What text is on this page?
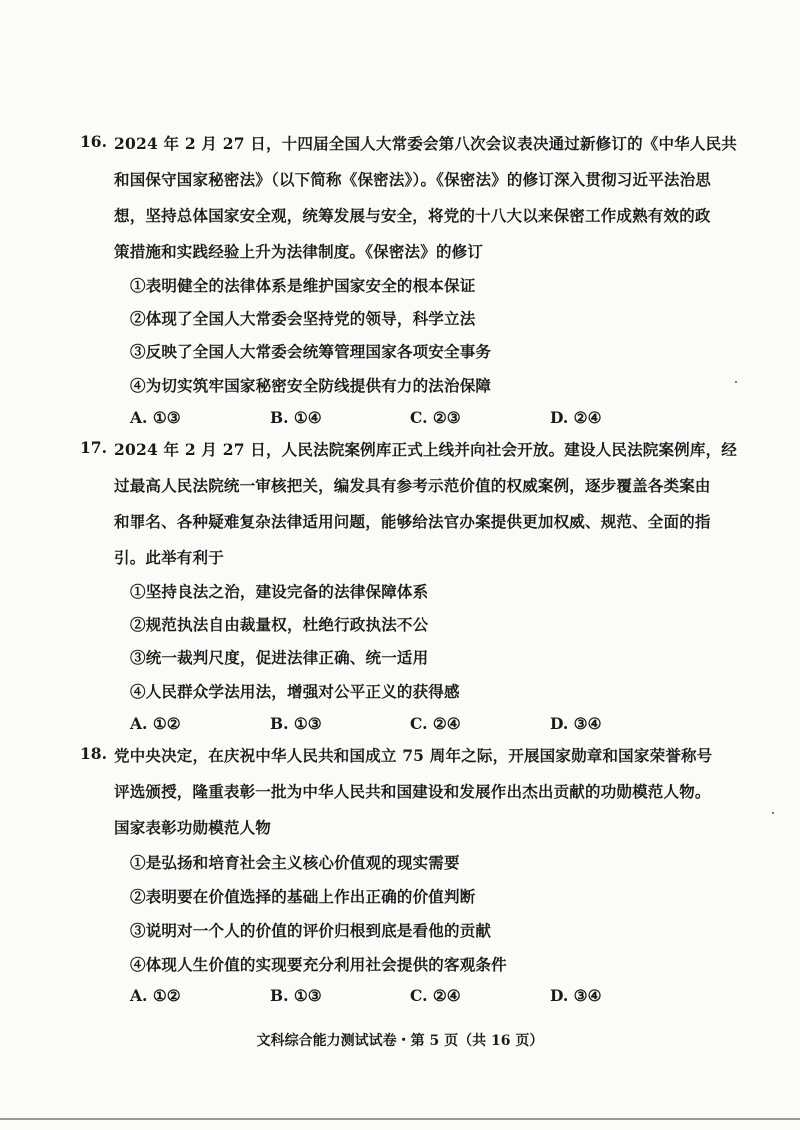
16. 2024 年 2 月 27 日，十四届全国人大常委会第八次会议表决通过新修订的《中华人民共
和国保守国家秘密法》（以下简称《保密法》）。《保密法》的修订深入贯彻习近平法治思
想，坚持总体国家安全观，统筹发展与安全，将党的十八大以来保密工作成熟有效的政
策措施和实践经验上升为法律制度。《保密法》的修订
①表明健全的法律体系是维护国家安全的根本保证
②体现了全国人大常委会坚持党的领导，科学立法
③反映了全国人大常委会统筹管理国家各项安全事务
④为切实筑牢国家秘密安全防线提供有力的法治保障
A. ①③	B. ①④	C. ②③	D. ②④
17. 2024 年 2 月 27 日，人民法院案例库正式上线并向社会开放。建设人民法院案例库，经
过最高人民法院统一审核把关，编发具有参考示范价值的权威案例，逐步覆盖各类案由
和罪名、各种疑难复杂法律适用问题，能够给法官办案提供更加权威、规范、全面的指
引。此举有利于
①坚持良法之治，建设完备的法律保障体系
②规范执法自由裁量权，杜绝行政执法不公
③统一裁判尺度，促进法律正确、统一适用
④人民群众学法用法，增强对公平正义的获得感
A. ①②	B. ①③	C. ②④	D. ③④
18. 党中央决定，在庆祝中华人民共和国成立 75 周年之际，开展国家勋章和国家荣誉称号
评选颁授，隆重表彰一批为中华人民共和国建设和发展作出杰出贡献的功勋模范人物。
国家表彰功勋模范人物
①是弘扬和培育社会主义核心价值观的现实需要
②表明要在价值选择的基础上作出正确的价值判断
③说明对一个人的价值的评价归根到底是看他的贡献
④体现人生价值的实现要充分利用社会提供的客观条件
A. ①②	B. ①③	C. ②④	D. ③④
文科综合能力测试试卷・第 5 页（共 16 页）
